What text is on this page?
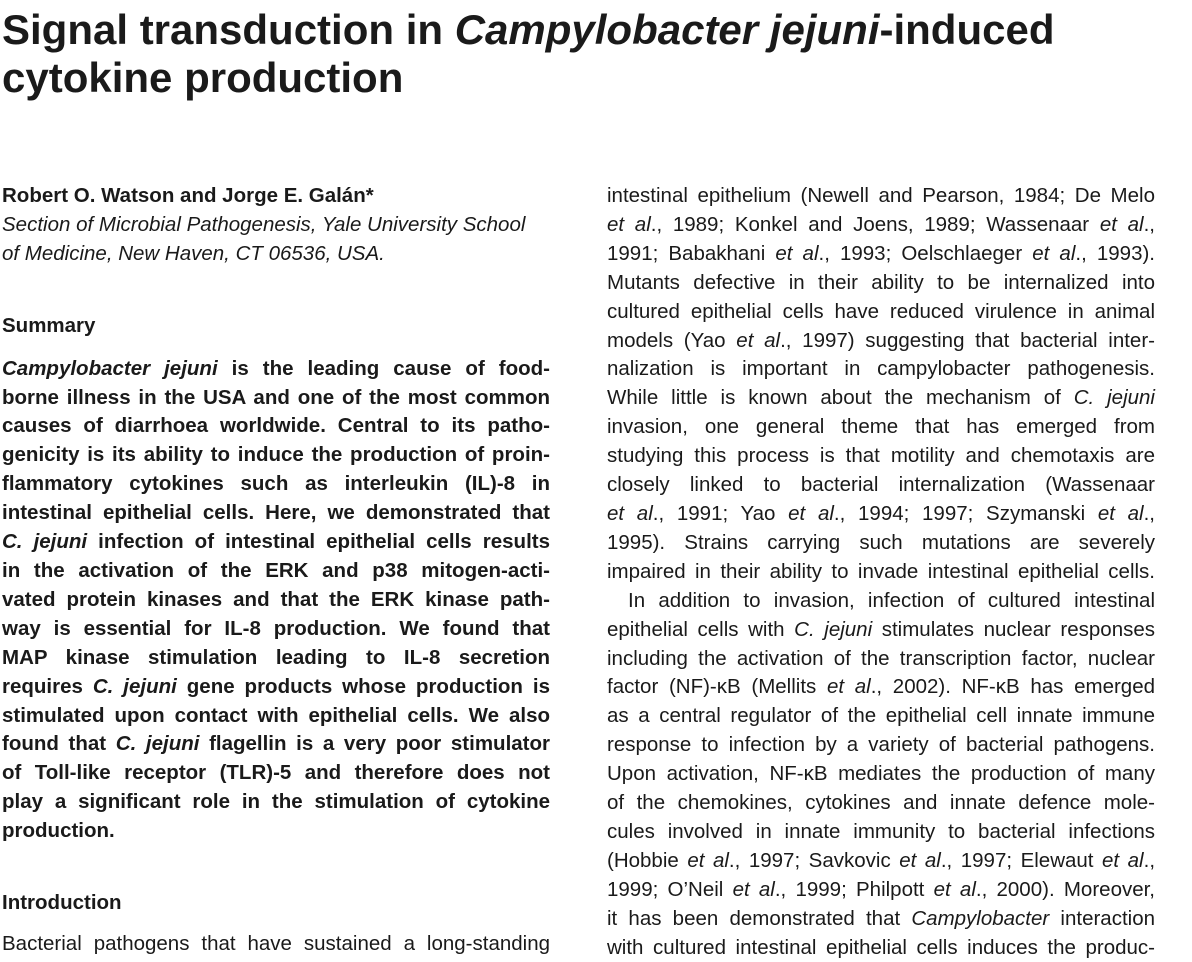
Signal transduction in Campylobacter jejuni-induced
cytokine production
Robert O. Watson and Jorge E. Galán*
Section of Microbial Pathogenesis, Yale University School
of Medicine, New Haven, CT 06536, USA.
Summary
Campylobacter jejuni is the leading cause of food-
borne illness in the USA and one of the most common
causes of diarrhoea worldwide. Central to its patho-
genicity is its ability to induce the production of proin-
flammatory cytokines such as interleukin (IL)-8 in
intestinal epithelial cells. Here, we demonstrated that
C. jejuni infection of intestinal epithelial cells results
in the activation of the ERK and p38 mitogen-acti-
vated protein kinases and that the ERK kinase path-
way is essential for IL-8 production. We found that
MAP kinase stimulation leading to IL-8 secretion
requires C. jejuni gene products whose production is
stimulated upon contact with epithelial cells. We also
found that C. jejuni flagellin is a very poor stimulator
of Toll-like receptor (TLR)-5 and therefore does not
play a significant role in the stimulation of cytokine
production.
Introduction
Bacterial pathogens that have sustained a long-standing
intestinal epithelium (Newell and Pearson, 1984; De Melo
et al., 1989; Konkel and Joens, 1989; Wassenaar et al.,
1991; Babakhani et al., 1993; Oelschlaeger et al., 1993).
Mutants defective in their ability to be internalized into
cultured epithelial cells have reduced virulence in animal
models (Yao et al., 1997) suggesting that bacterial inter-
nalization is important in campylobacter pathogenesis.
While little is known about the mechanism of C. jejuni
invasion, one general theme that has emerged from
studying this process is that motility and chemotaxis are
closely linked to bacterial internalization (Wassenaar
et al., 1991; Yao et al., 1994; 1997; Szymanski et al.,
1995). Strains carrying such mutations are severely
impaired in their ability to invade intestinal epithelial cells.
In addition to invasion, infection of cultured intestinal
epithelial cells with C. jejuni stimulates nuclear responses
including the activation of the transcription factor, nuclear
factor (NF)-κB (Mellits et al., 2002). NF-κB has emerged
as a central regulator of the epithelial cell innate immune
response to infection by a variety of bacterial pathogens.
Upon activation, NF-κB mediates the production of many
of the chemokines, cytokines and innate defence mole-
cules involved in innate immunity to bacterial infections
(Hobbie et al., 1997; Savkovic et al., 1997; Elewaut et al.,
1999; O’Neil et al., 1999; Philpott et al., 2000). Moreover,
it has been demonstrated that Campylobacter interaction
with cultured intestinal epithelial cells induces the produc-
